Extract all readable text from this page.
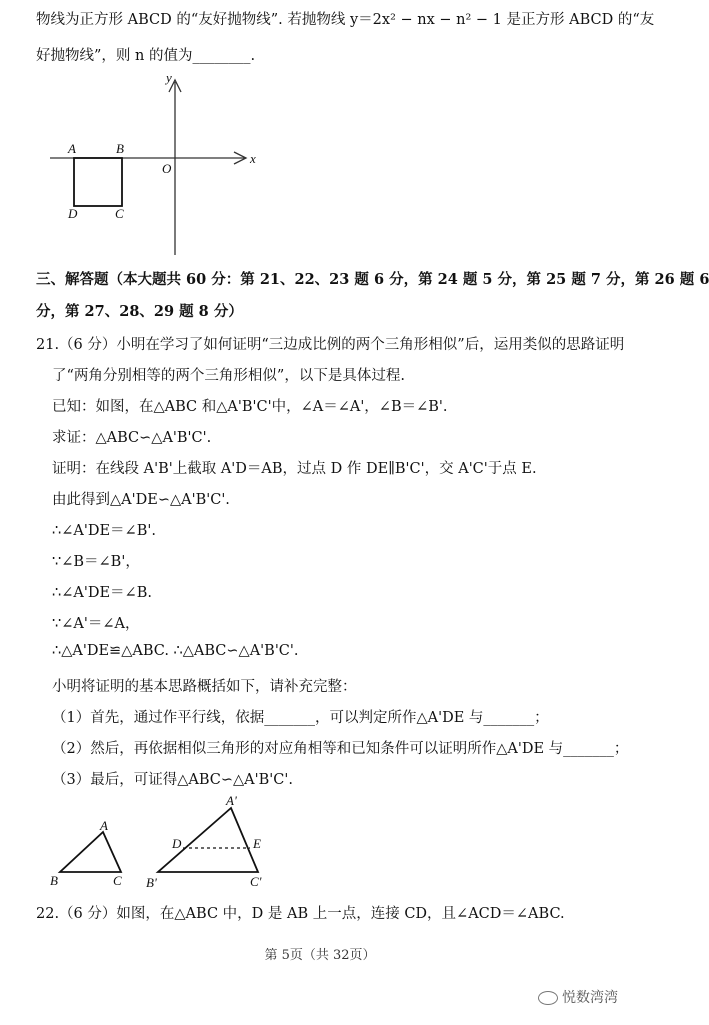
物线为正方形 ABCD 的“友好抛物线”. 若抛物线 y＝2x² − nx − n² − 1 是正方形 ABCD 的“友
好抛物线”，则 n 的值为________.
y
x
O
A	B
C
D
三、解答题（本大题共 60 分：第 21、22、23 题 6 分，第 24 题 5 分，第 25 题 7 分，第 26 题 6
分，第 27、28、29 题 8 分）
21.（6 分）小明在学习了如何证明“三边成比例的两个三角形相似”后，运用类似的思路证明
了“两角分别相等的两个三角形相似”，以下是具体过程.
已知：如图，在△ABC 和△A'B'C'中，∠A＝∠A'，∠B＝∠B'.
求证：△ABC∽△A'B'C'.
证明：在线段 A'B'上截取 A'D＝AB，过点 D 作 DE∥B'C'，交 A'C'于点 E.
由此得到△A'DE∽△A'B'C'.
∴∠A'DE＝∠B'.
∵∠B＝∠B'，
∴∠A'DE＝∠B.
∵∠A'＝∠A，
∴△A'DE≌△ABC. ∴△ABC∽△A'B'C'.
小明将证明的基本思路概括如下，请补充完整：
（1）首先，通过作平行线，依据_______，可以判定所作△A'DE 与_______；
（2）然后，再依据相似三角形的对应角相等和已知条件可以证明所作△A'DE 与_______；
（3）最后，可证得△ABC∽△A'B'C'.
A
B	C
A'
B'	C'
D	E
22.（6 分）如图，在△ABC 中，D 是 AB 上一点，连接 CD，且∠ACD＝∠ABC.
第 5页（共 32页）
悦数湾湾
